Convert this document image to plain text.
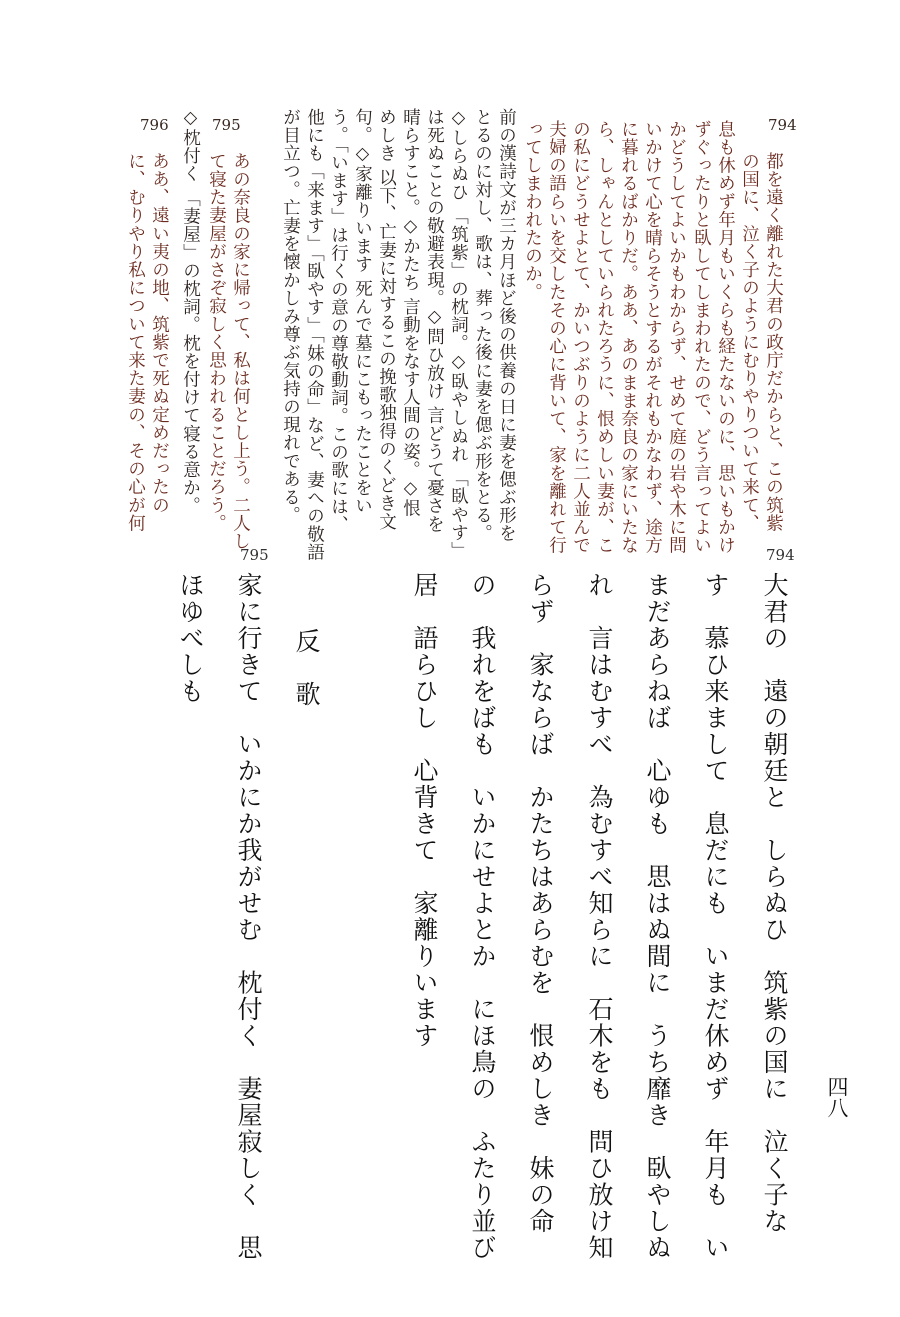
794
795
796
都を遠く離れた大君の政庁だからと、この筑紫
の国に、泣く子のようにむりやりついて来て、
息も休めず年月もいくらも経たないのに、思いもかけ
ずぐったりと臥してしまわれたので、どう言ってよい
かどうしてよいかもわからず、せめて庭の岩や木に問
いかけて心を晴らそうとするがそれもかなわず、途方
に暮れるばかりだ。ああ、あのまま奈良の家にいたな
ら、しゃんとしていられたろうに、恨めしい妻が、こ
の私にどうせよとて、かいつぶりのように二人並んで
夫婦の語らいを交したその心に背いて、家を離れて行
ってしまわれたのか。
前の漢詩文が三カ月ほど後の供養の日に妻を偲ぶ形を
とるのに対し、歌は、葬った後に妻を偲ぶ形をとる。
◇しらぬひ 「筑紫」の枕詞。◇臥やしぬれ 「臥やす」
は死ぬことの敬避表現。◇問ひ放け 言どうて憂さを
晴らすこと。◇かたち 言動をなす人間の姿。◇恨
めしき 以下、亡妻に対するこの挽歌独得のくどき文
句。◇家離りいます 死んで墓にこもったことをい
う。「います」は行くの意の尊敬動詞。この歌には、
他にも「来ます」「臥やす」「妹の命」など、妻への敬語
が目立つ。亡妻を懐かしみ尊ぶ気持の現れである。
あの奈良の家に帰って、私は何とし上う。二人し
て寝た妻屋がさぞ寂しく思われることだろう。
◇枕付く 「妻屋」の枕詞。枕を付けて寝る意か。
ああ、遠い夷の地、筑紫で死ぬ定めだったの
に、むりやり私について来た妻の、その心が何
794
795
大君の　遠の朝廷と　しらぬひ　筑紫の国に　泣く子な
す　慕ひ来まして　息だにも　いまだ休めず　年月も　い
まだあらねば　心ゆも　思はぬ間に　うち靡き　臥やしぬ
れ　言はむすべ　為むすべ知らに　石木をも　問ひ放け知
らず　家ならば　かたちはあらむを　恨めしき　妹の命
の　我れをばも　いかにせよとか　にほ鳥の　ふたり並び
居　語らひし　心背きて　家離りいます
反　歌
家に行きて　いかにか我がせむ　枕付く　妻屋寂しく　思
ほゆべしも
四八
